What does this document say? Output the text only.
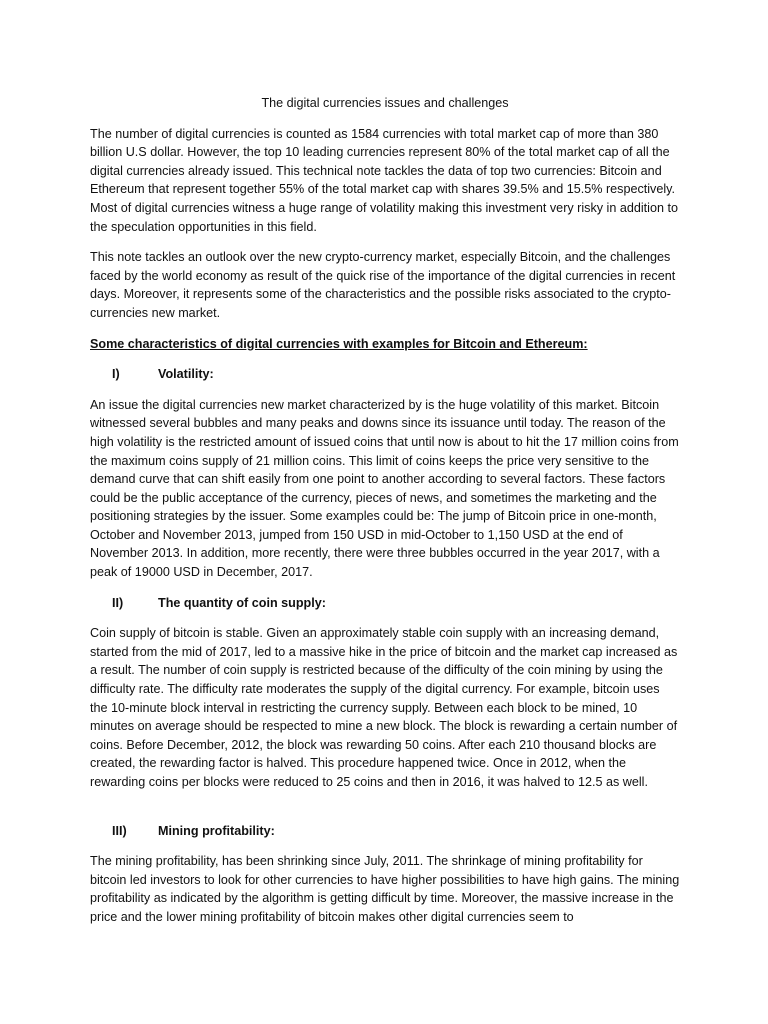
The digital currencies issues and challenges

The number of digital currencies is counted as 1584 currencies with total market cap of more than 380 billion U.S dollar. However, the top 10 leading currencies represent 80% of the total market cap of all the digital currencies already issued. This technical note tackles the data of top two currencies: Bitcoin and Ethereum that represent together 55% of the total market cap with shares 39.5% and 15.5% respectively. Most of digital currencies witness a huge range of volatility making this investment very risky in addition to the speculation opportunities in this field.

This note tackles an outlook over the new crypto-currency market, especially Bitcoin, and the challenges faced by the world economy as result of the quick rise of the importance of the digital currencies in recent days. Moreover, it represents some of the characteristics and the possible risks associated to the crypto-currencies new market.

Some characteristics of digital currencies with examples for Bitcoin and Ethereum:
I)	Volatility:

An issue the digital currencies new market characterized by is the huge volatility of this market. Bitcoin witnessed several bubbles and many peaks and downs since its issuance until today. The reason of the high volatility is the restricted amount of issued coins that until now is about to hit the 17 million coins from the maximum coins supply of 21 million coins. This limit of coins keeps the price very sensitive to the demand curve that can shift easily from one point to another according to several factors. These factors could be the public acceptance of the currency, pieces of news, and sometimes the marketing and the positioning strategies by the issuer. Some examples could be: The jump of Bitcoin price in one-month, October and November 2013, jumped from 150 USD in mid-October to 1,150 USD at the end of November 2013. In addition, more recently, there were three bubbles occurred in the year 2017, with a peak of 19000 USD in December, 2017.

II)	The quantity of coin supply:

Coin supply of bitcoin is stable. Given an approximately stable coin supply with an increasing demand, started from the mid of 2017, led to a massive hike in the price of bitcoin and the market cap increased as a result. The number of coin supply is restricted because of the difficulty of the coin mining by using the difficulty rate. The difficulty rate moderates the supply of the digital currency. For example, bitcoin uses the 10-minute block interval in restricting the currency supply. Between each block to be mined, 10 minutes on average should be respected to mine a new block. The block is rewarding a certain number of coins. Before December, 2012, the block was rewarding 50 coins. After each 210 thousand blocks are created, the rewarding factor is halved. This procedure happened twice. Once in 2012, when the rewarding coins per blocks were reduced to 25 coins and then in 2016, it was halved to 12.5 as well.

III)	Mining profitability:

The mining profitability, has been shrinking since July, 2011. The shrinkage of mining profitability for bitcoin led investors to look for other currencies to have higher possibilities to have high gains. The mining profitability as indicated by the algorithm is getting difficult by time. Moreover, the massive increase in the price and the lower mining profitability of bitcoin makes other digital currencies seem to
